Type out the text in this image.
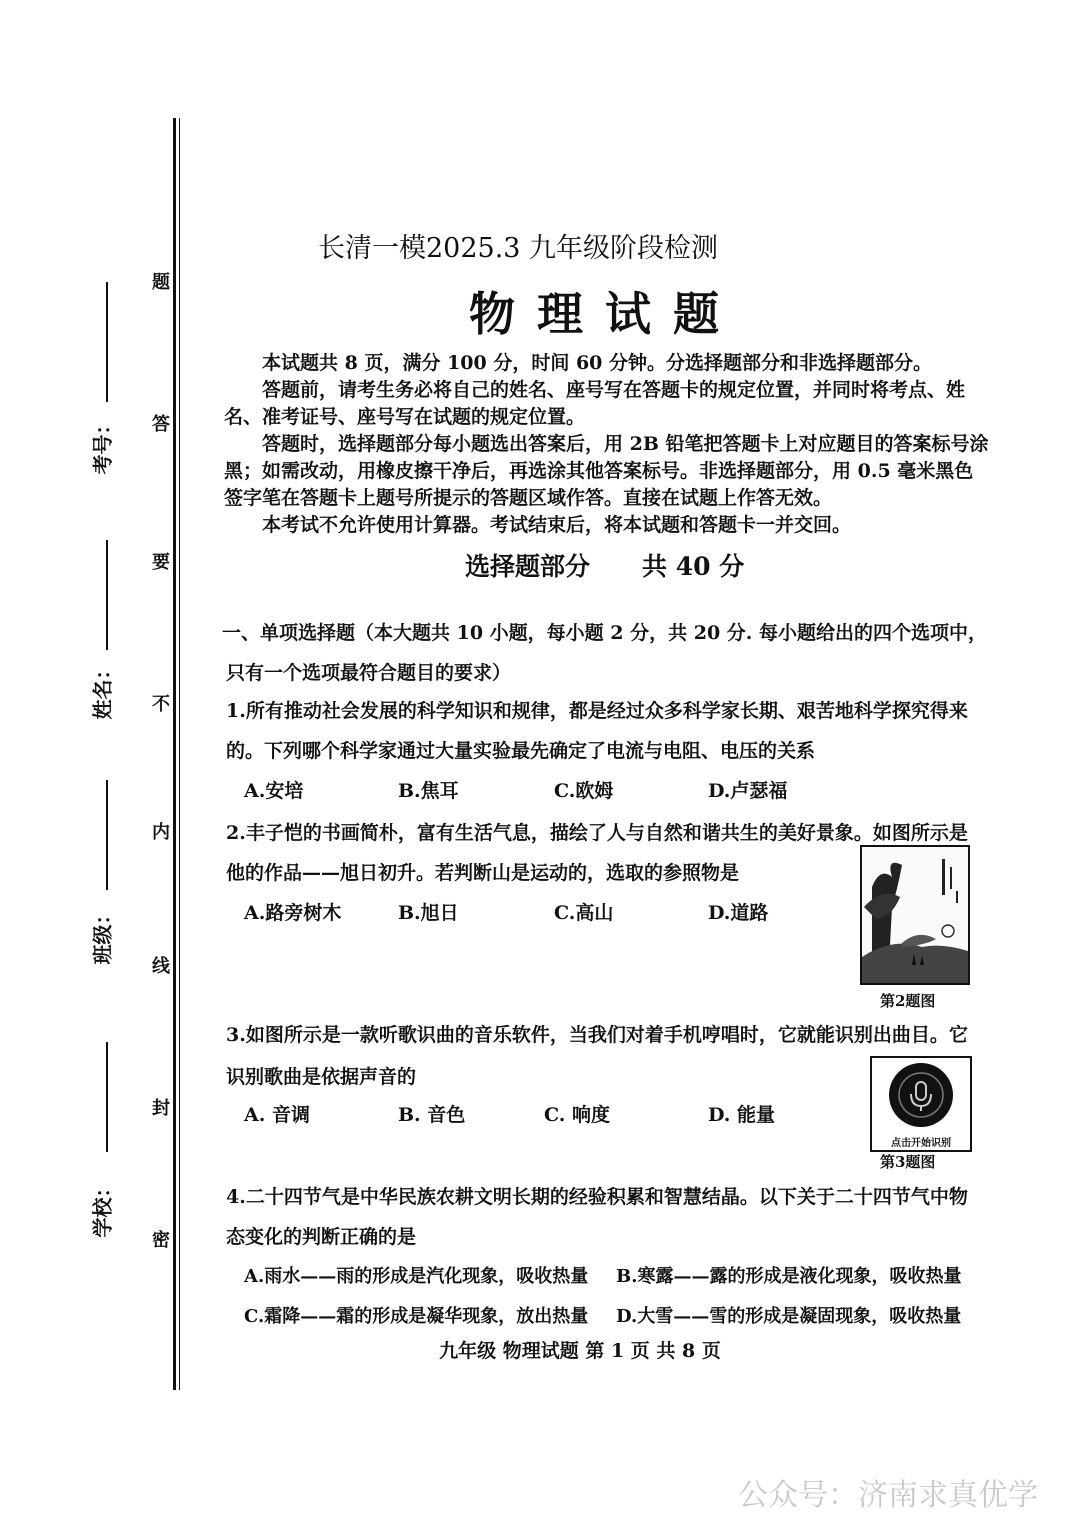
题
答
要
不
内
线
封
密
考号：
姓名：
班级：
学校：
长清一模2025.3 九年级阶段检测
物理试题
本试题共 8 页，满分 100 分，时间 60 分钟。分选择题部分和非选择题部分。
答题前，请考生务必将自己的姓名、座号写在答题卡的规定位置，并同时将考点、姓
名、准考证号、座号写在试题的规定位置。
答题时，选择题部分每小题选出答案后，用 2B 铅笔把答题卡上对应题目的答案标号涂
黑；如需改动，用橡皮擦干净后，再选涂其他答案标号。非选择题部分，用 0.5 毫米黑色
签字笔在答题卡上题号所提示的答题区域作答。直接在试题上作答无效。
本考试不允许使用计算器。考试结束后，将本试题和答题卡一并交回。
选择题部分 共 40 分
一、单项选择题（本大题共 10 小题，每小题 2 分，共 20 分. 每小题给出的四个选项中，
只有一个选项最符合题目的要求）
1.所有推动社会发展的科学知识和规律，都是经过众多科学家长期、艰苦地科学探究得来
的。下列哪个科学家通过大量实验最先确定了电流与电阻、电压的关系
A.安培	B.焦耳	C.欧姆	D.卢瑟福
2.丰子恺的书画简朴，富有生活气息，描绘了人与自然和谐共生的美好景象。如图所示是
他的作品——旭日初升。若判断山是运动的，选取的参照物是
A.路旁树木	B.旭日	C.高山	D.道路
第2题图
3.如图所示是一款听歌识曲的音乐软件，当我们对着手机哼唱时，它就能识别出曲目。它
识别歌曲是依据声音的
A. 音调	B. 音色	C. 响度	D. 能量
点击开始识别
第3题图
4.二十四节气是中华民族农耕文明长期的经验积累和智慧结晶。以下关于二十四节气中物
态变化的判断正确的是
A.雨水——雨的形成是汽化现象，吸收热量 B.寒露——露的形成是液化现象，吸收热量
C.霜降——霜的形成是凝华现象，放出热量 D.大雪——雪的形成是凝固现象，吸收热量
九年级 物理试题 第 1 页 共 8 页
公众号：济南求真优学
